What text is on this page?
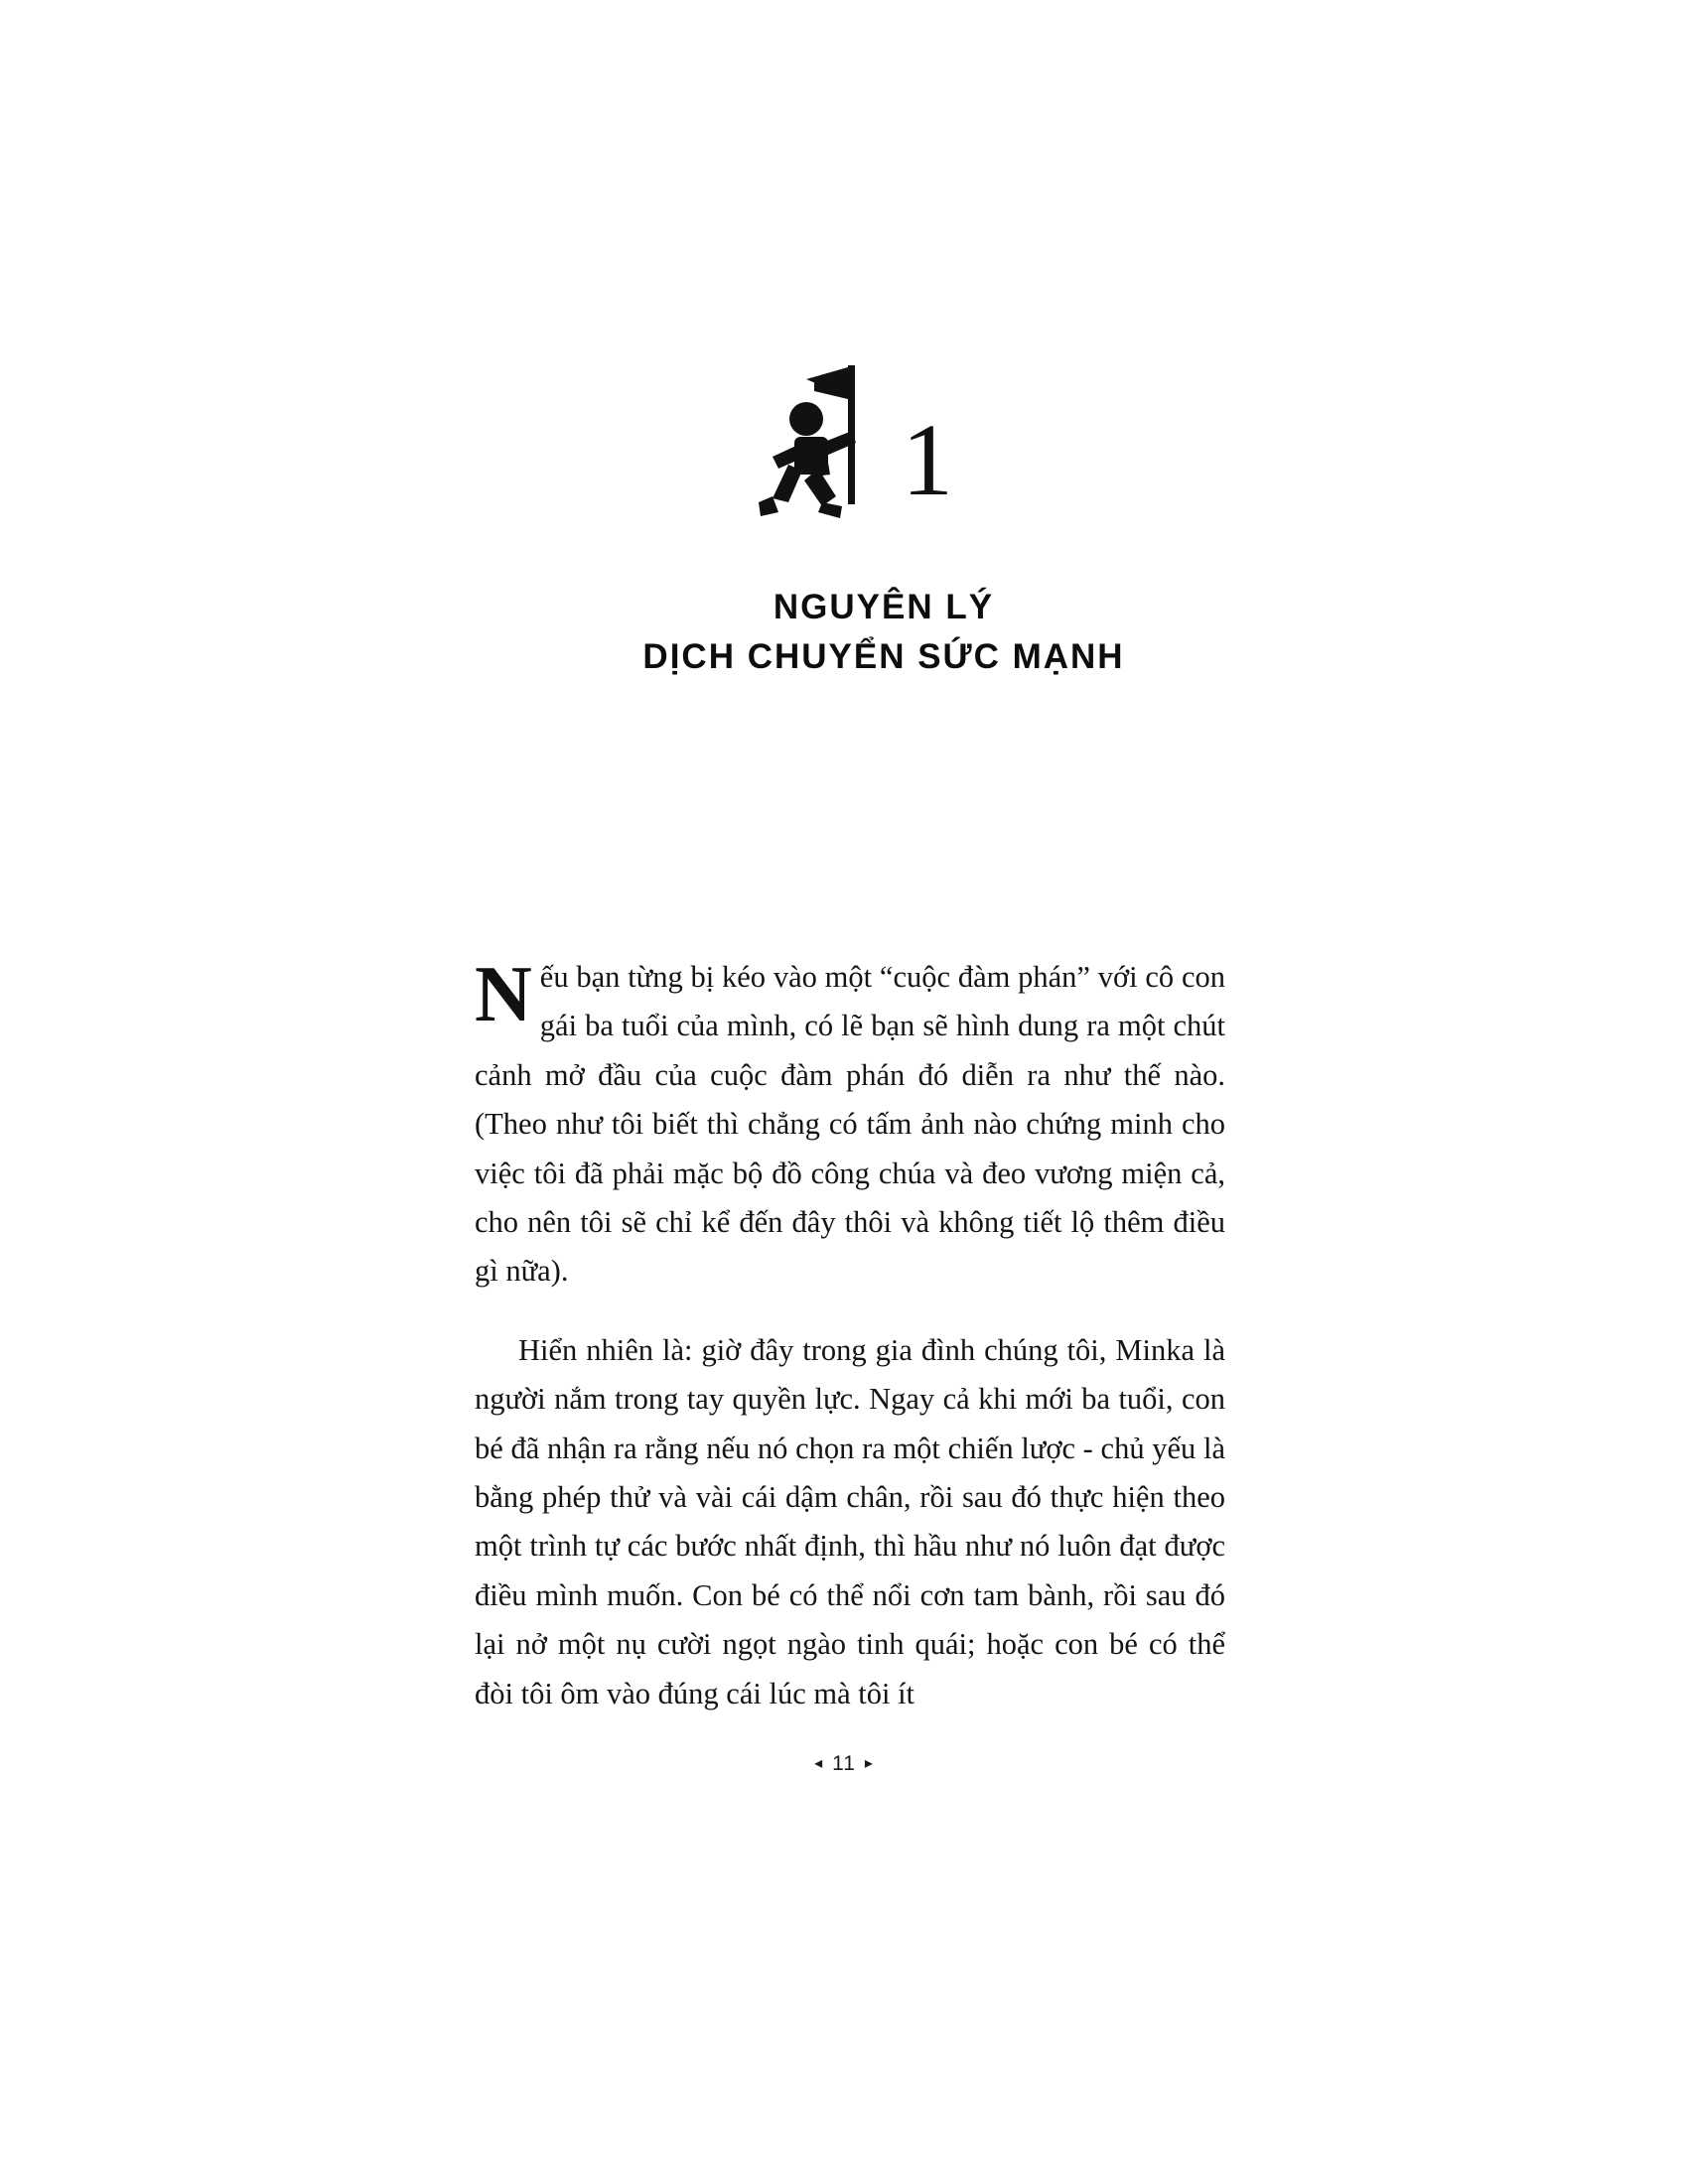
1
NGUYÊN LÝ
DỊCH CHUYỂN SỨC MẠNH

Nếu bạn từng bị kéo vào một “cuộc đàm phán” với cô con gái ba tuổi của mình, có lẽ bạn sẽ hình dung ra một chút cảnh mở đầu của cuộc đàm phán đó diễn ra như thế nào. (Theo như tôi biết thì chẳng có tấm ảnh nào chứng minh cho việc tôi đã phải mặc bộ đồ công chúa và đeo vương miện cả, cho nên tôi sẽ chỉ kể đến đây thôi và không tiết lộ thêm điều gì nữa).

Hiển nhiên là: giờ đây trong gia đình chúng tôi, Minka là người nắm trong tay quyền lực. Ngay cả khi mới ba tuổi, con bé đã nhận ra rằng nếu nó chọn ra một chiến lược - chủ yếu là bằng phép thử và vài cái dậm chân, rồi sau đó thực hiện theo một trình tự các bước nhất định, thì hầu như nó luôn đạt được điều mình muốn. Con bé có thể nổi cơn tam bành, rồi sau đó lại nở một nụ cười ngọt ngào tinh quái; hoặc con bé có thể đòi tôi ôm vào đúng cái lúc mà tôi ít

◂ 11 ▸
